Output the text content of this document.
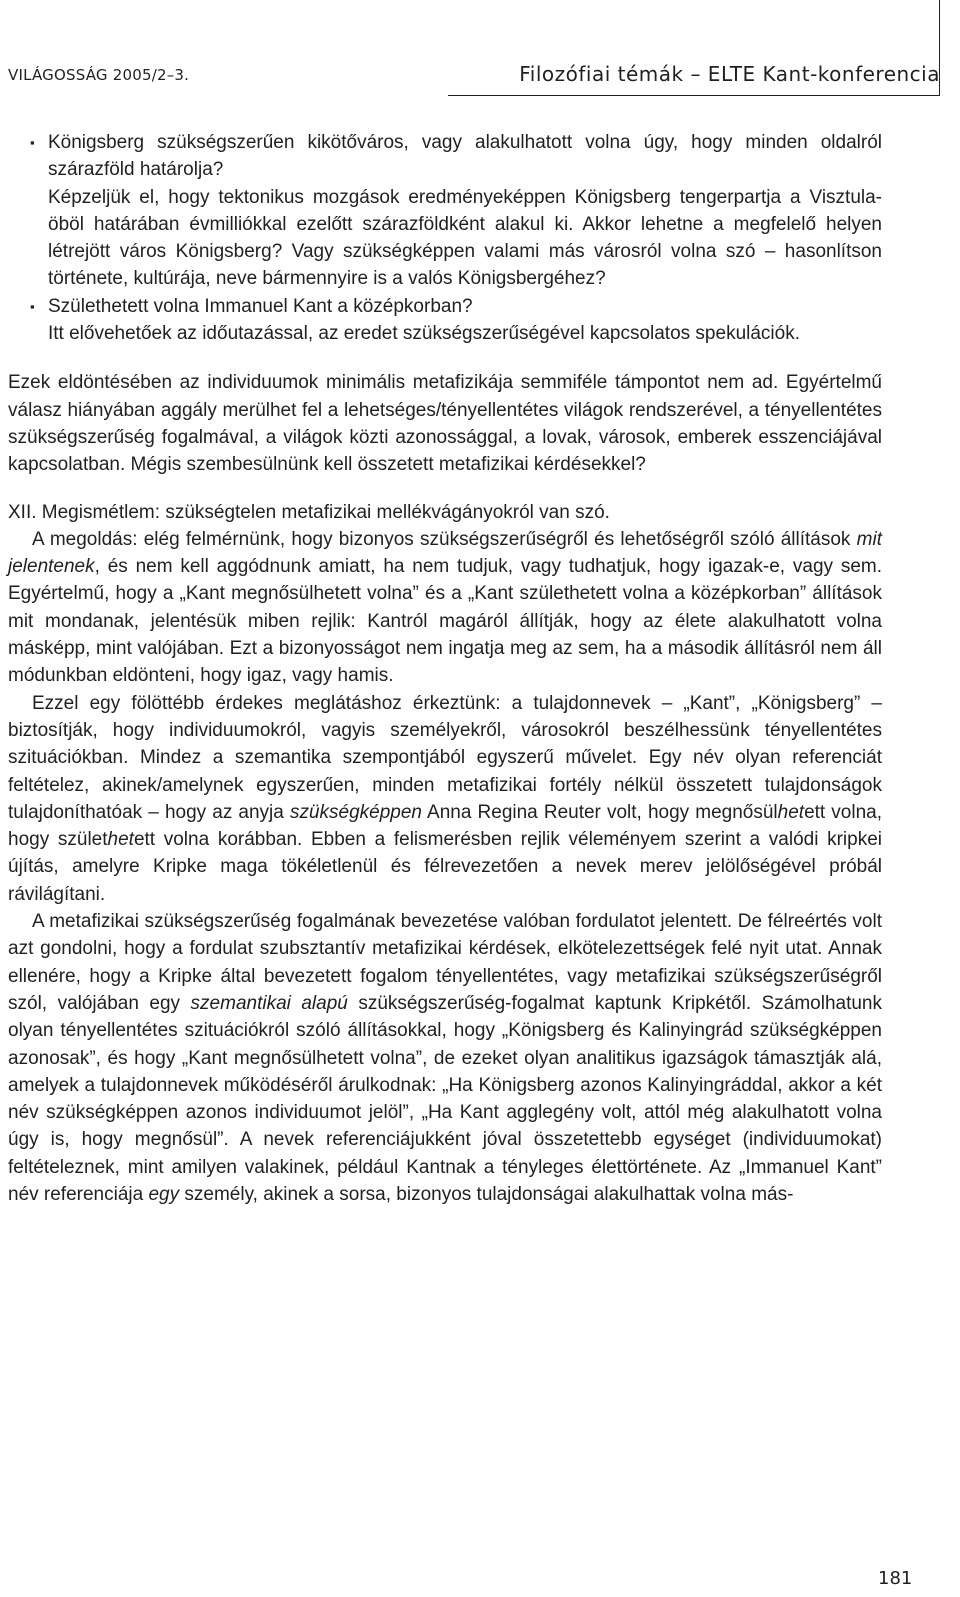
VILÁGOSSÁG 2005/2–3.	Filozófiai témák – ELTE Kant-konferencia

▪ Königsberg szükségszerűen kikötőváros, vagy alakulhatott volna úgy, hogy minden oldalról szárazföld határolja?

Képzeljük el, hogy tektonikus mozgások eredményeképpen Königsberg tengerpartja a Visztula-öböl határában évmilliókkal ezelőtt szárazföldként alakul ki. Akkor lehetne a megfelelő helyen létrejött város Königsberg? Vagy szükségképpen valami más városról volna szó – hasonlítson története, kultúrája, neve bármennyire is a valós Königsbergéhez?

▪ Születhetett volna Immanuel Kant a középkorban?

Itt elővehetőek az időutazással, az eredet szükségszerűségével kapcsolatos spekulációk.

Ezek eldöntésében az individuumok minimális metafizikája semmiféle támpontot nem ad. Egyértelmű válasz hiányában aggály merülhet fel a lehetséges/tényellentétes világok rendszerével, a tényellentétes szükségszerűség fogalmával, a világok közti azonossággal, a lovak, városok, emberek esszenciájával kapcsolatban. Mégis szembesülnünk kell összetett metafizikai kérdésekkel?

XII. Megismétlem: szükségtelen metafizikai mellékvágányokról van szó.

A megoldás: elég felmérnünk, hogy bizonyos szükségszerűségről és lehetőségről szóló állítások mit jelentenek, és nem kell aggódnunk amiatt, ha nem tudjuk, vagy tudhatjuk, hogy igazak-e, vagy sem. Egyértelmű, hogy a „Kant megnősülhetett volna” és a „Kant születhetett volna a középkorban” állítások mit mondanak, jelentésük miben rejlik: Kantról magáról állítják, hogy az élete alakulhatott volna másképp, mint valójában. Ezt a bizonyosságot nem ingatja meg az sem, ha a második állításról nem áll módunkban eldönteni, hogy igaz, vagy hamis.

Ezzel egy fölöttébb érdekes meglátáshoz érkeztünk: a tulajdonnevek – „Kant”, „Königsberg” – biztosítják, hogy individuumokról, vagyis személyekről, városokról beszélhessünk tényellentétes szituációkban. Mindez a szemantika szempontjából egyszerű művelet. Egy név olyan referenciát feltételez, akinek/amelynek egyszerűen, minden metafizikai fortély nélkül összetett tulajdonságok tulajdoníthatóak – hogy az anyja szükségképpen Anna Regina Reuter volt, hogy megnősülhetett volna, hogy születhetett volna korábban. Ebben a felismerésben rejlik véleményem szerint a valódi kripkei újítás, amelyre Kripke maga tökéletlenül és félrevezetően a nevek merev jelölőségével próbál rávilágítani.

A metafizikai szükségszerűség fogalmának bevezetése valóban fordulatot jelentett. De félreértés volt azt gondolni, hogy a fordulat szubsztantív metafizikai kérdések, elkötelezettségek felé nyit utat. Annak ellenére, hogy a Kripke által bevezetett fogalom tényellentétes, vagy metafizikai szükségszerűségről szól, valójában egy szemantikai alapú szükségszerűség-fogalmat kaptunk Kripkétől. Számolhatunk olyan tényellentétes szituációkról szóló állításokkal, hogy „Königsberg és Kalinyingrád szükségképpen azonosak”, és hogy „Kant megnősülhetett volna”, de ezeket olyan analitikus igazságok támasztják alá, amelyek a tulajdonnevek működéséről árulkodnak: „Ha Königsberg azonos Kalinyingráddal, akkor a két név szükségképpen azonos individuumot jelöl”, „Ha Kant agglegény volt, attól még alakulhatott volna úgy is, hogy megnősül”. A nevek referenciájukként jóval összetettebb egységet (individuumokat) feltételeznek, mint amilyen valakinek, például Kantnak a tényleges élettörténete. Az „Immanuel Kant” név referenciája egy személy, akinek a sorsa, bizonyos tulajdonságai alakulhattak volna más-

181
